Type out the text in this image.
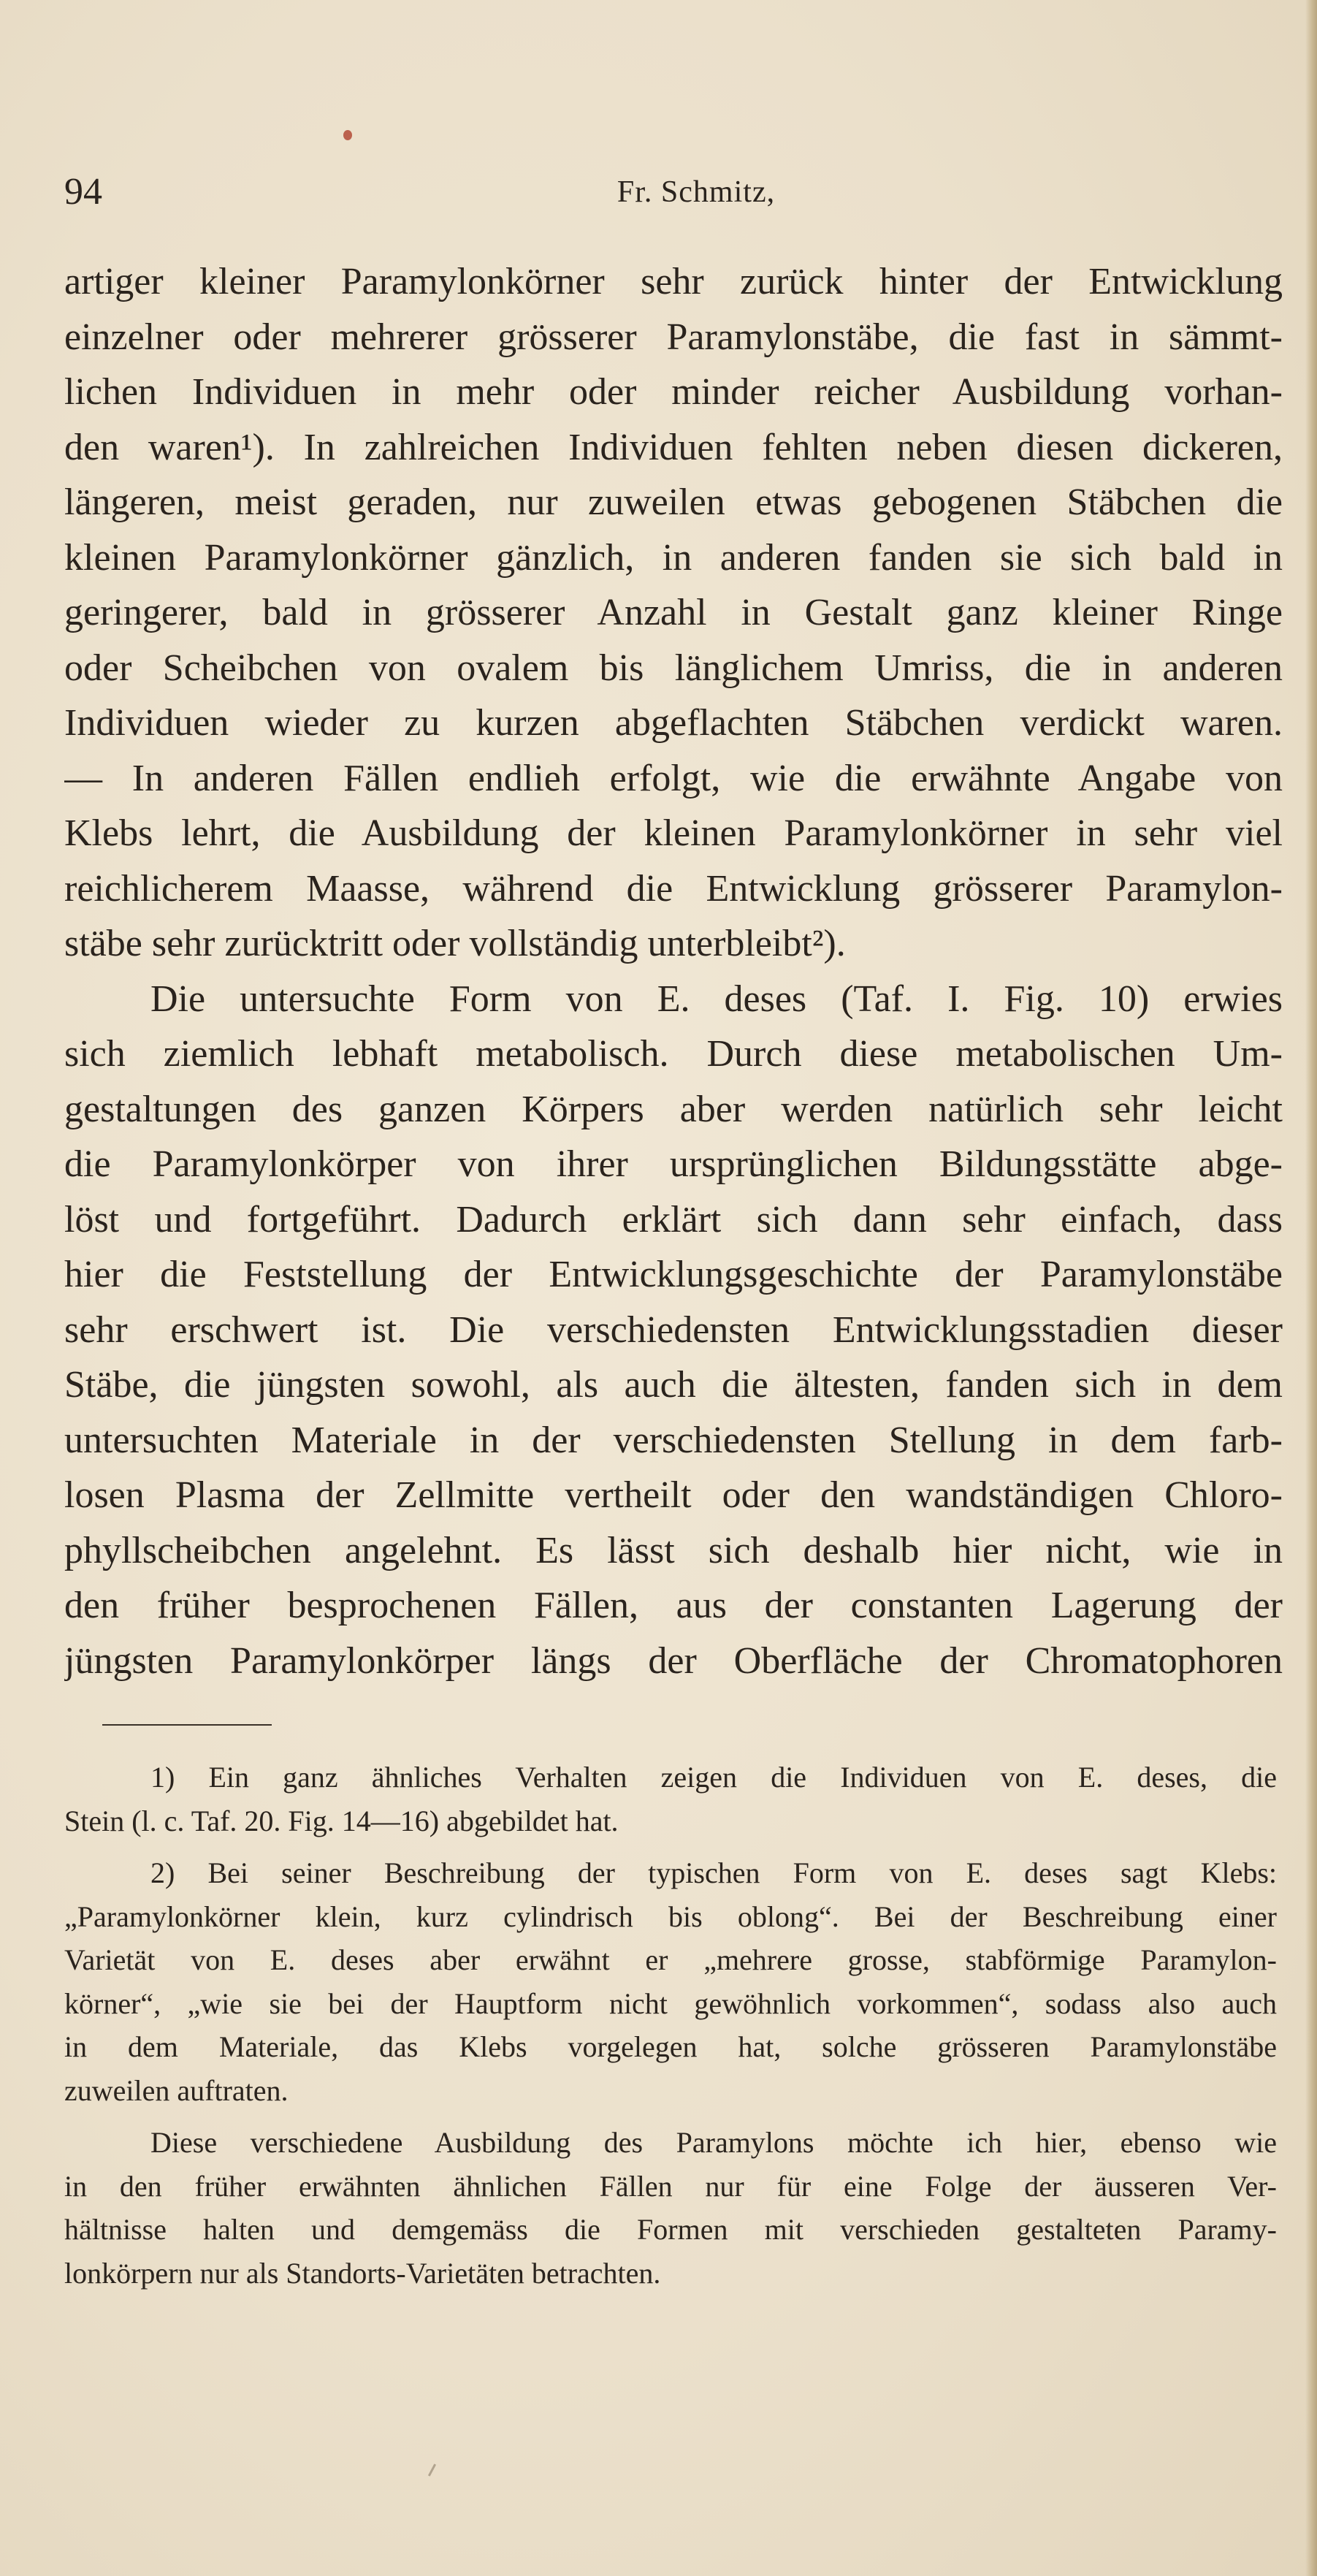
94	Fr. Schmitz,
artiger kleiner Paramylonkörner sehr zurück hinter der Entwicklung
einzelner oder mehrerer grösserer Paramylonstäbe, die fast in sämmt-
lichen Individuen in mehr oder minder reicher Ausbildung vorhan-
den waren¹). In zahlreichen Individuen fehlten neben diesen dickeren,
längeren, meist geraden, nur zuweilen etwas gebogenen Stäbchen die
kleinen Paramylonkörner gänzlich, in anderen fanden sie sich bald in
geringerer, bald in grösserer Anzahl in Gestalt ganz kleiner Ringe
oder Scheibchen von ovalem bis länglichem Umriss, die in anderen
Individuen wieder zu kurzen abgeflachten Stäbchen verdickt waren.
— In anderen Fällen endlieh erfolgt, wie die erwähnte Angabe von
Klebs lehrt, die Ausbildung der kleinen Paramylonkörner in sehr viel
reichlicherem Maasse, während die Entwicklung grösserer Paramylon-
stäbe sehr zurücktritt oder vollständig unterbleibt²).
Die untersuchte Form von E. deses (Taf. I. Fig. 10) erwies
sich ziemlich lebhaft metabolisch. Durch diese metabolischen Um-
gestaltungen des ganzen Körpers aber werden natürlich sehr leicht
die Paramylonkörper von ihrer ursprünglichen Bildungsstätte abge-
löst und fortgeführt. Dadurch erklärt sich dann sehr einfach, dass
hier die Feststellung der Entwicklungsgeschichte der Paramylonstäbe
sehr erschwert ist. Die verschiedensten Entwicklungsstadien dieser
Stäbe, die jüngsten sowohl, als auch die ältesten, fanden sich in dem
untersuchten Materiale in der verschiedensten Stellung in dem farb-
losen Plasma der Zellmitte vertheilt oder den wandständigen Chloro-
phyllscheibchen angelehnt. Es lässt sich deshalb hier nicht, wie in
den früher besprochenen Fällen, aus der constanten Lagerung der
jüngsten Paramylonkörper längs der Oberfläche der Chromatophoren
1) Ein ganz ähnliches Verhalten zeigen die Individuen von E. deses, die
Stein (l. c. Taf. 20. Fig. 14—16) abgebildet hat.
2) Bei seiner Beschreibung der typischen Form von E. deses sagt Klebs:
„Paramylonkörner klein, kurz cylindrisch bis oblong“. Bei der Beschreibung einer
Varietät von E. deses aber erwähnt er „mehrere grosse, stabförmige Paramylon-
körner“, „wie sie bei der Hauptform nicht gewöhnlich vorkommen“, sodass also auch
in dem Materiale, das Klebs vorgelegen hat, solche grösseren Paramylonstäbe
zuweilen auftraten.
Diese verschiedene Ausbildung des Paramylons möchte ich hier, ebenso wie
in den früher erwähnten ähnlichen Fällen nur für eine Folge der äusseren Ver-
hältnisse halten und demgemäss die Formen mit verschieden gestalteten Paramy-
lonkörpern nur als Standorts-Varietäten betrachten.
